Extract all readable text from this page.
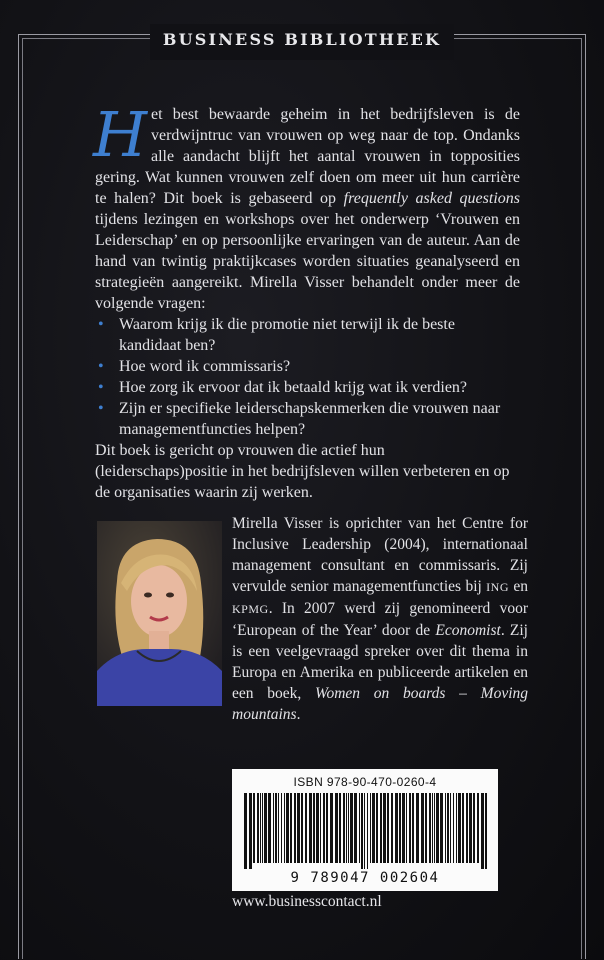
BUSINESS BIBLIOTHEEK
H et best bewaarde geheim in het bedrijfsleven is de verdwijntruc van vrouwen op weg naar de top. Ondanks alle aandacht blijft het aantal vrouwen in topposities gering. Wat kunnen vrouwen zelf doen om meer uit hun carrière te halen? Dit boek is gebaseerd op frequently asked questions tijdens lezingen en workshops over het onderwerp ‘Vrouwen en Leiderschap’ en op persoonlijke ervaringen van de auteur. Aan de hand van twintig praktijkcases worden situaties geanalyseerd en strategieën aangereikt. Mirella Visser behandelt onder meer de volgende vragen:
• Waarom krijg ik die promotie niet terwijl ik de beste kandidaat ben?
• Hoe word ik commissaris?
• Hoe zorg ik ervoor dat ik betaald krijg wat ik verdien?
• Zijn er specifieke leiderschapskenmerken die vrouwen naar managementfuncties helpen?
Dit boek is gericht op vrouwen die actief hun (leiderschaps)positie in het bedrijfsleven willen verbeteren en op de organisaties waarin zij werken.
Mirella Visser is oprichter van het Centre for Inclusive Leadership (2004), internationaal management consultant en commissaris. Zij vervulde senior managementfuncties bij ING en KPMG. In 2007 werd zij genomineerd voor ‘European of the Year’ door de Economist. Zij is een veelgevraagd spreker over dit thema in Europa en Amerika en publiceerde artikelen en een boek, Women on boards – Moving mountains.
ISBN 978-90-470-0260-4
9 789047 002604
www.businesscontact.nl
